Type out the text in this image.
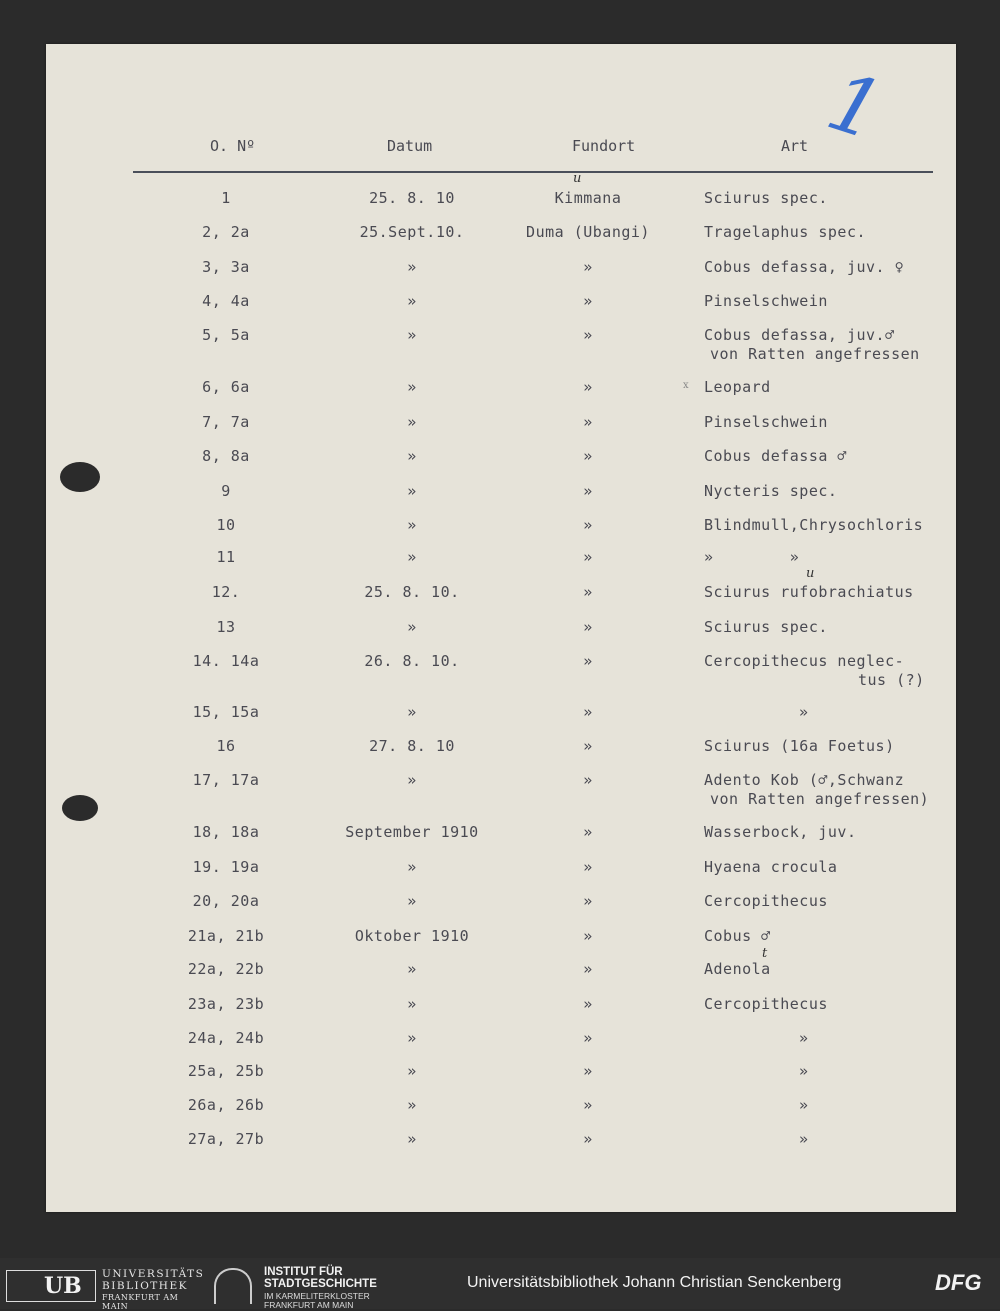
1
O. Nº	Datum	Fundort	Art
u
u
t
x
1	25. 8. 10	Kimmana	Sciurus spec.
2, 2a	25.Sept.10.	Duma (Ubangi)	Tragelaphus spec.
3, 3a	»	»	Cobus defassa, juv. ♀
4, 4a	»	»	Pinselschwein
5, 5a	»	»	Cobus defassa, juv.♂
von Ratten angefressen
6, 6a	»	»	Leopard
7, 7a	»	»	Pinselschwein
8, 8a	»	»	Cobus defassa ♂
9	»	»	Nycteris spec.
10	»	»	Blindmull,Chrysochloris
11	»	»	»        »
12.	25. 8. 10.	»	Sciurus rufobrachiatus
13	»	»	Sciurus spec.
14. 14a	26. 8. 10.	»	Cercopithecus neglec-
tus (?)
15, 15a	»	»	»
16	27. 8. 10	»	Sciurus (16a Foetus)
17, 17a	»	»	Adento Kob (♂,Schwanz
von Ratten angefressen)
18, 18a	September 1910	»	Wasserbock, juv.
19. 19a	»	»	Hyaena crocula
20, 20a	»	»	Cercopithecus
21a, 21b	Oktober 1910	»	Cobus ♂
22a, 22b	»	»	Adenola
23a, 23b	»	»	Cercopithecus
24a, 24b	»	»	»
25a, 25b	»	»	»
26a, 26b	»	»	»
27a, 27b	»	»	»
UB UNIVERSITÄTS
BIBLIOTHEK
FRANKFURT AM MAIN
INSTITUT FÜR
STADTGESCHICHTE
IM KARMELITERKLOSTER
FRANKFURT AM MAIN
Universitätsbibliothek Johann Christian Senckenberg	DFG
